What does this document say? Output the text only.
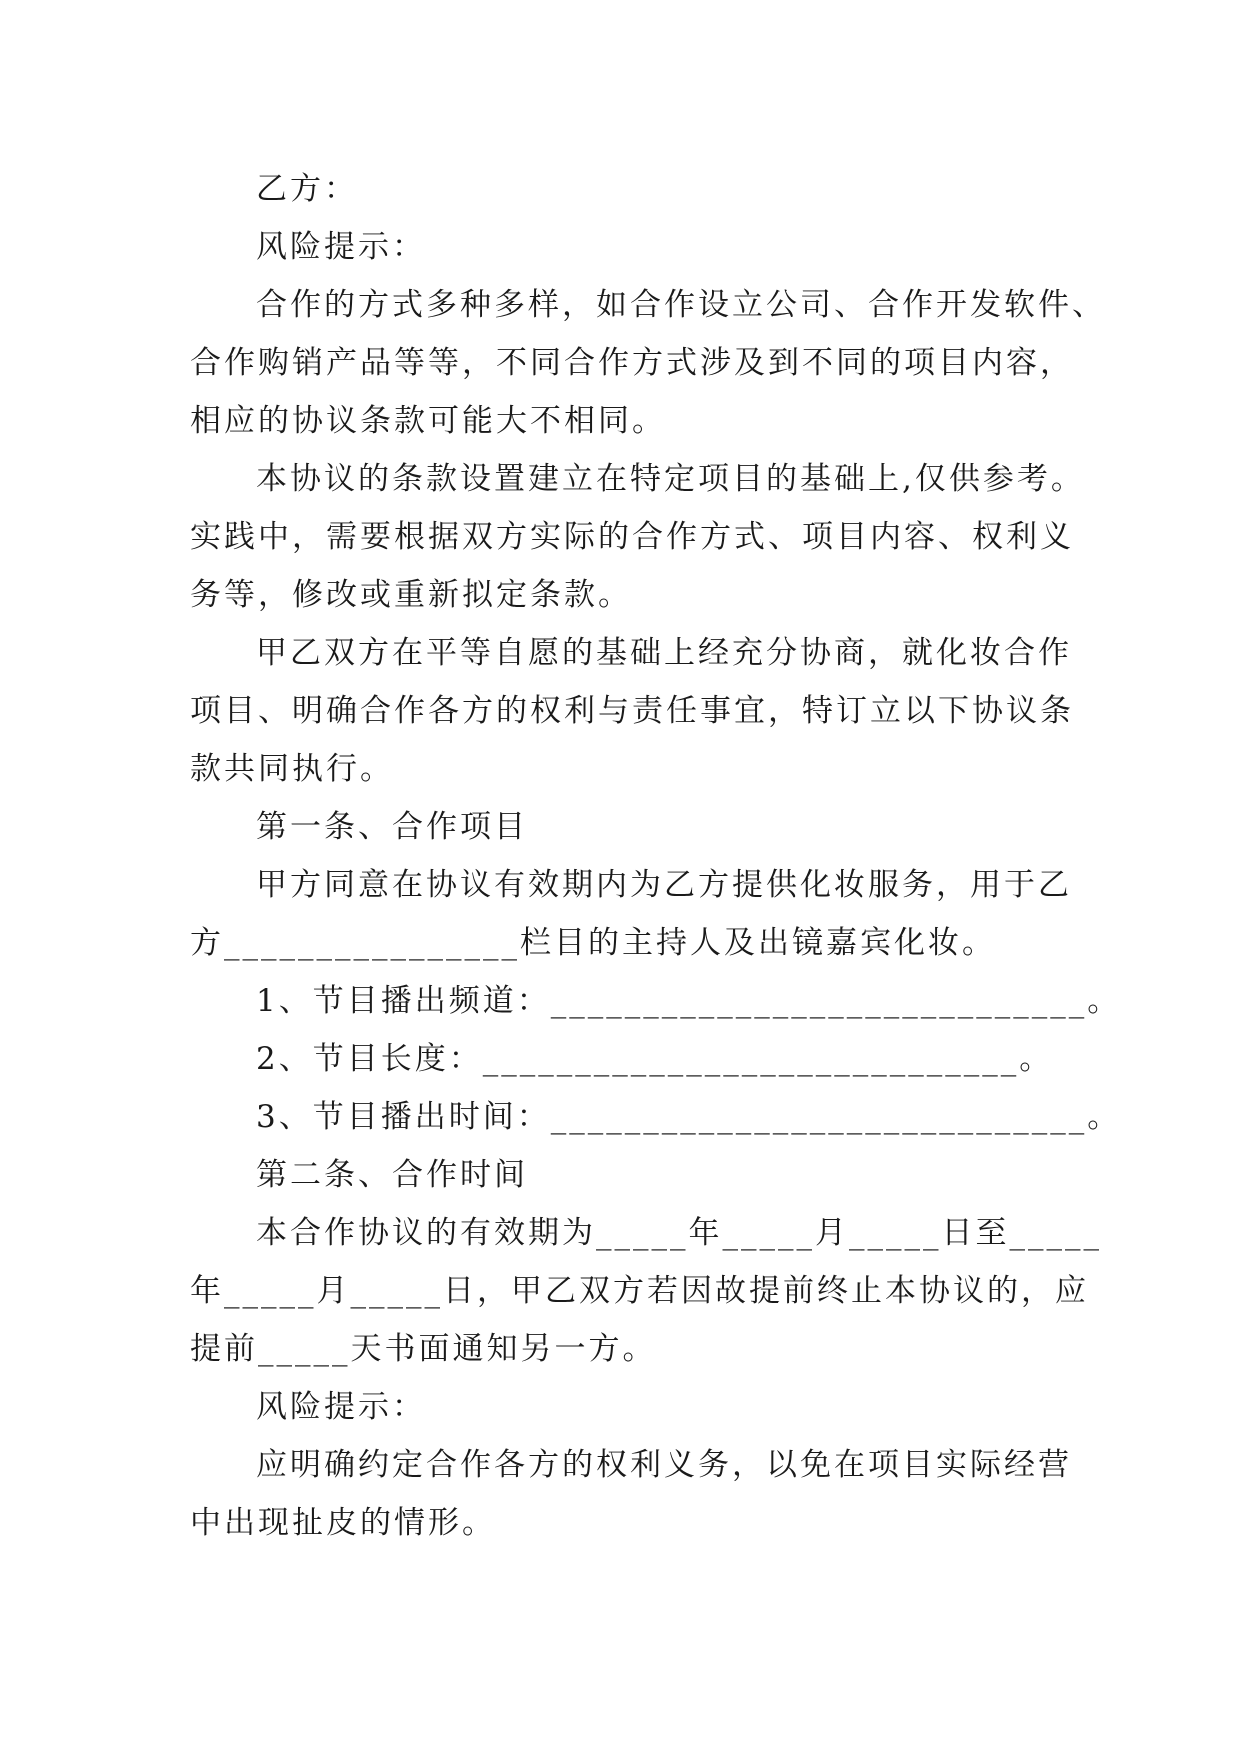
乙方：
风险提示：
合作的方式多种多样，如合作设立公司、合作开发软件、
合作购销产品等等，不同合作方式涉及到不同的项目内容，
相应的协议条款可能大不相同。
本协议的条款设置建立在特定项目的基础上,仅供参考。
实践中，需要根据双方实际的合作方式、项目内容、权利义
务等，修改或重新拟定条款。
甲乙双方在平等自愿的基础上经充分协商，就化妆合作
项目、明确合作各方的权利与责任事宜，特订立以下协议条
款共同执行。
第一条、合作项目
甲方同意在协议有效期内为乙方提供化妆服务，用于乙
方________________栏目的主持人及出镜嘉宾化妆。
1、节目播出频道：_____________________________。
2、节目长度：_____________________________。
3、节目播出时间：_____________________________。
第二条、合作时间
本合作协议的有效期为_____年_____月_____日至_____
年_____月_____日，甲乙双方若因故提前终止本协议的，应
提前_____天书面通知另一方。
风险提示：
应明确约定合作各方的权利义务，以免在项目实际经营
中出现扯皮的情形。
